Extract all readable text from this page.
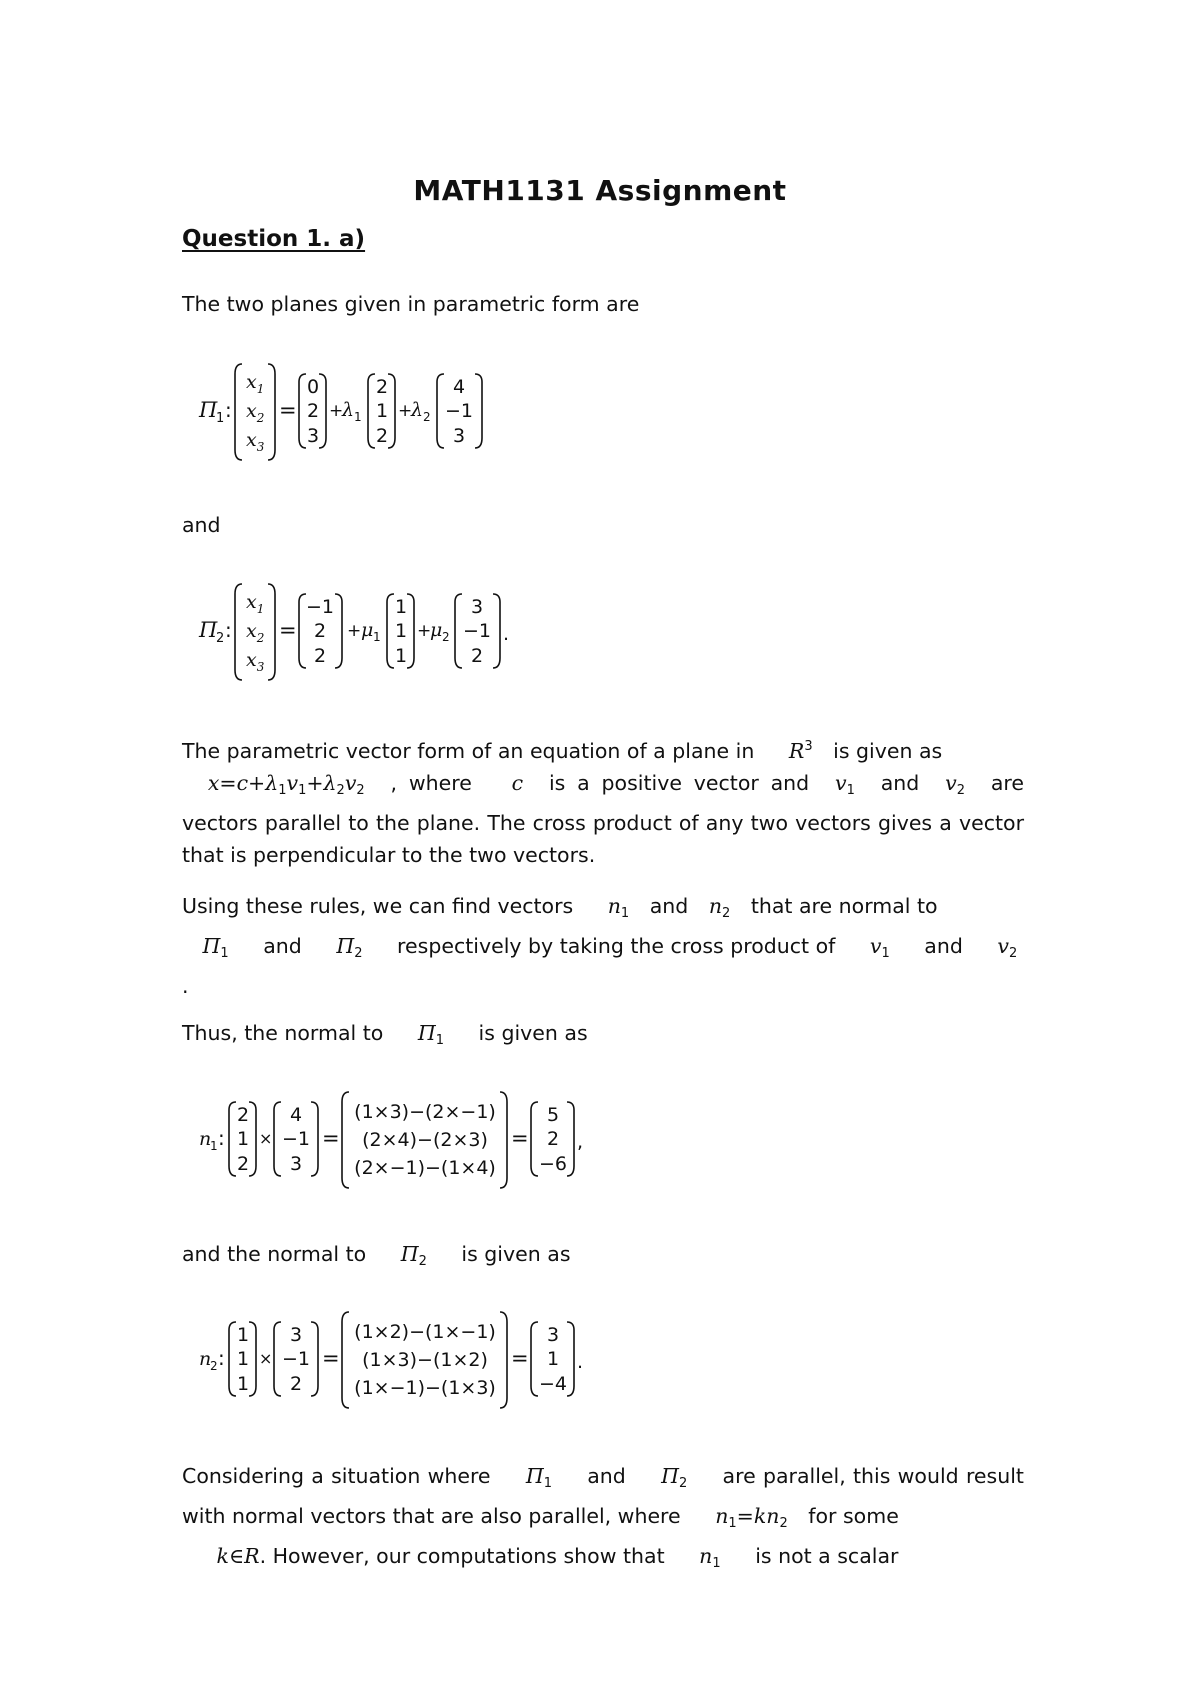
MATH1131 Assignment
Question 1. a)
The two planes given in parametric form are
Π
1 :
$x_1$
$x_2$
$x_3$
=
0
2
3
+
λ 1
2
1
2
+
λ 2
4
−1
3
and
Π
2 :
$x_1$
$x_2$
$x_3$
=
−1
2
2
+ μ 1
1
1
1
+
μ 2
3
−1
2
.
The parametric vector form of an equation of a plane in $R^3$ is given as
$x=c+\lambda_1v_1+\lambda_2v_2$ , where c is a positive vector and $v_1$ and $v_2$ are vectors parallel to the plane. The cross product of any two vectors gives a vector that is perpendicular to the two vectors.
Using these rules, we can find vectors $n_1$ and $n_2$ that are normal to
$\Pi_1$ and $\Pi_2$ respectively by taking the cross product of $v_1$ and $v_2$
.
Thus, the normal to $\Pi_1$ is given as
n
1 :
2
1
2
×
4
−1
3
=
(1×3)−(2×−1)
(2×4)−(2×3)
(2×−1)−(1×4)
=
5
2
−6
,
and the normal to $\Pi_2$ is given as
n
2 :
1
1
1
×
3
−1
2
=
(1×2)−(1×−1)
(1×3)−(1×2)
(1×−1)−(1×3)
=
3
1
−4
.
Considering a situation where $\Pi_1$ and $\Pi_2$ are parallel, this would result with normal vectors that are also parallel, where $n_1=kn_2$ for some
k∈R. However, our computations show that $n_1$ is not a scalar
